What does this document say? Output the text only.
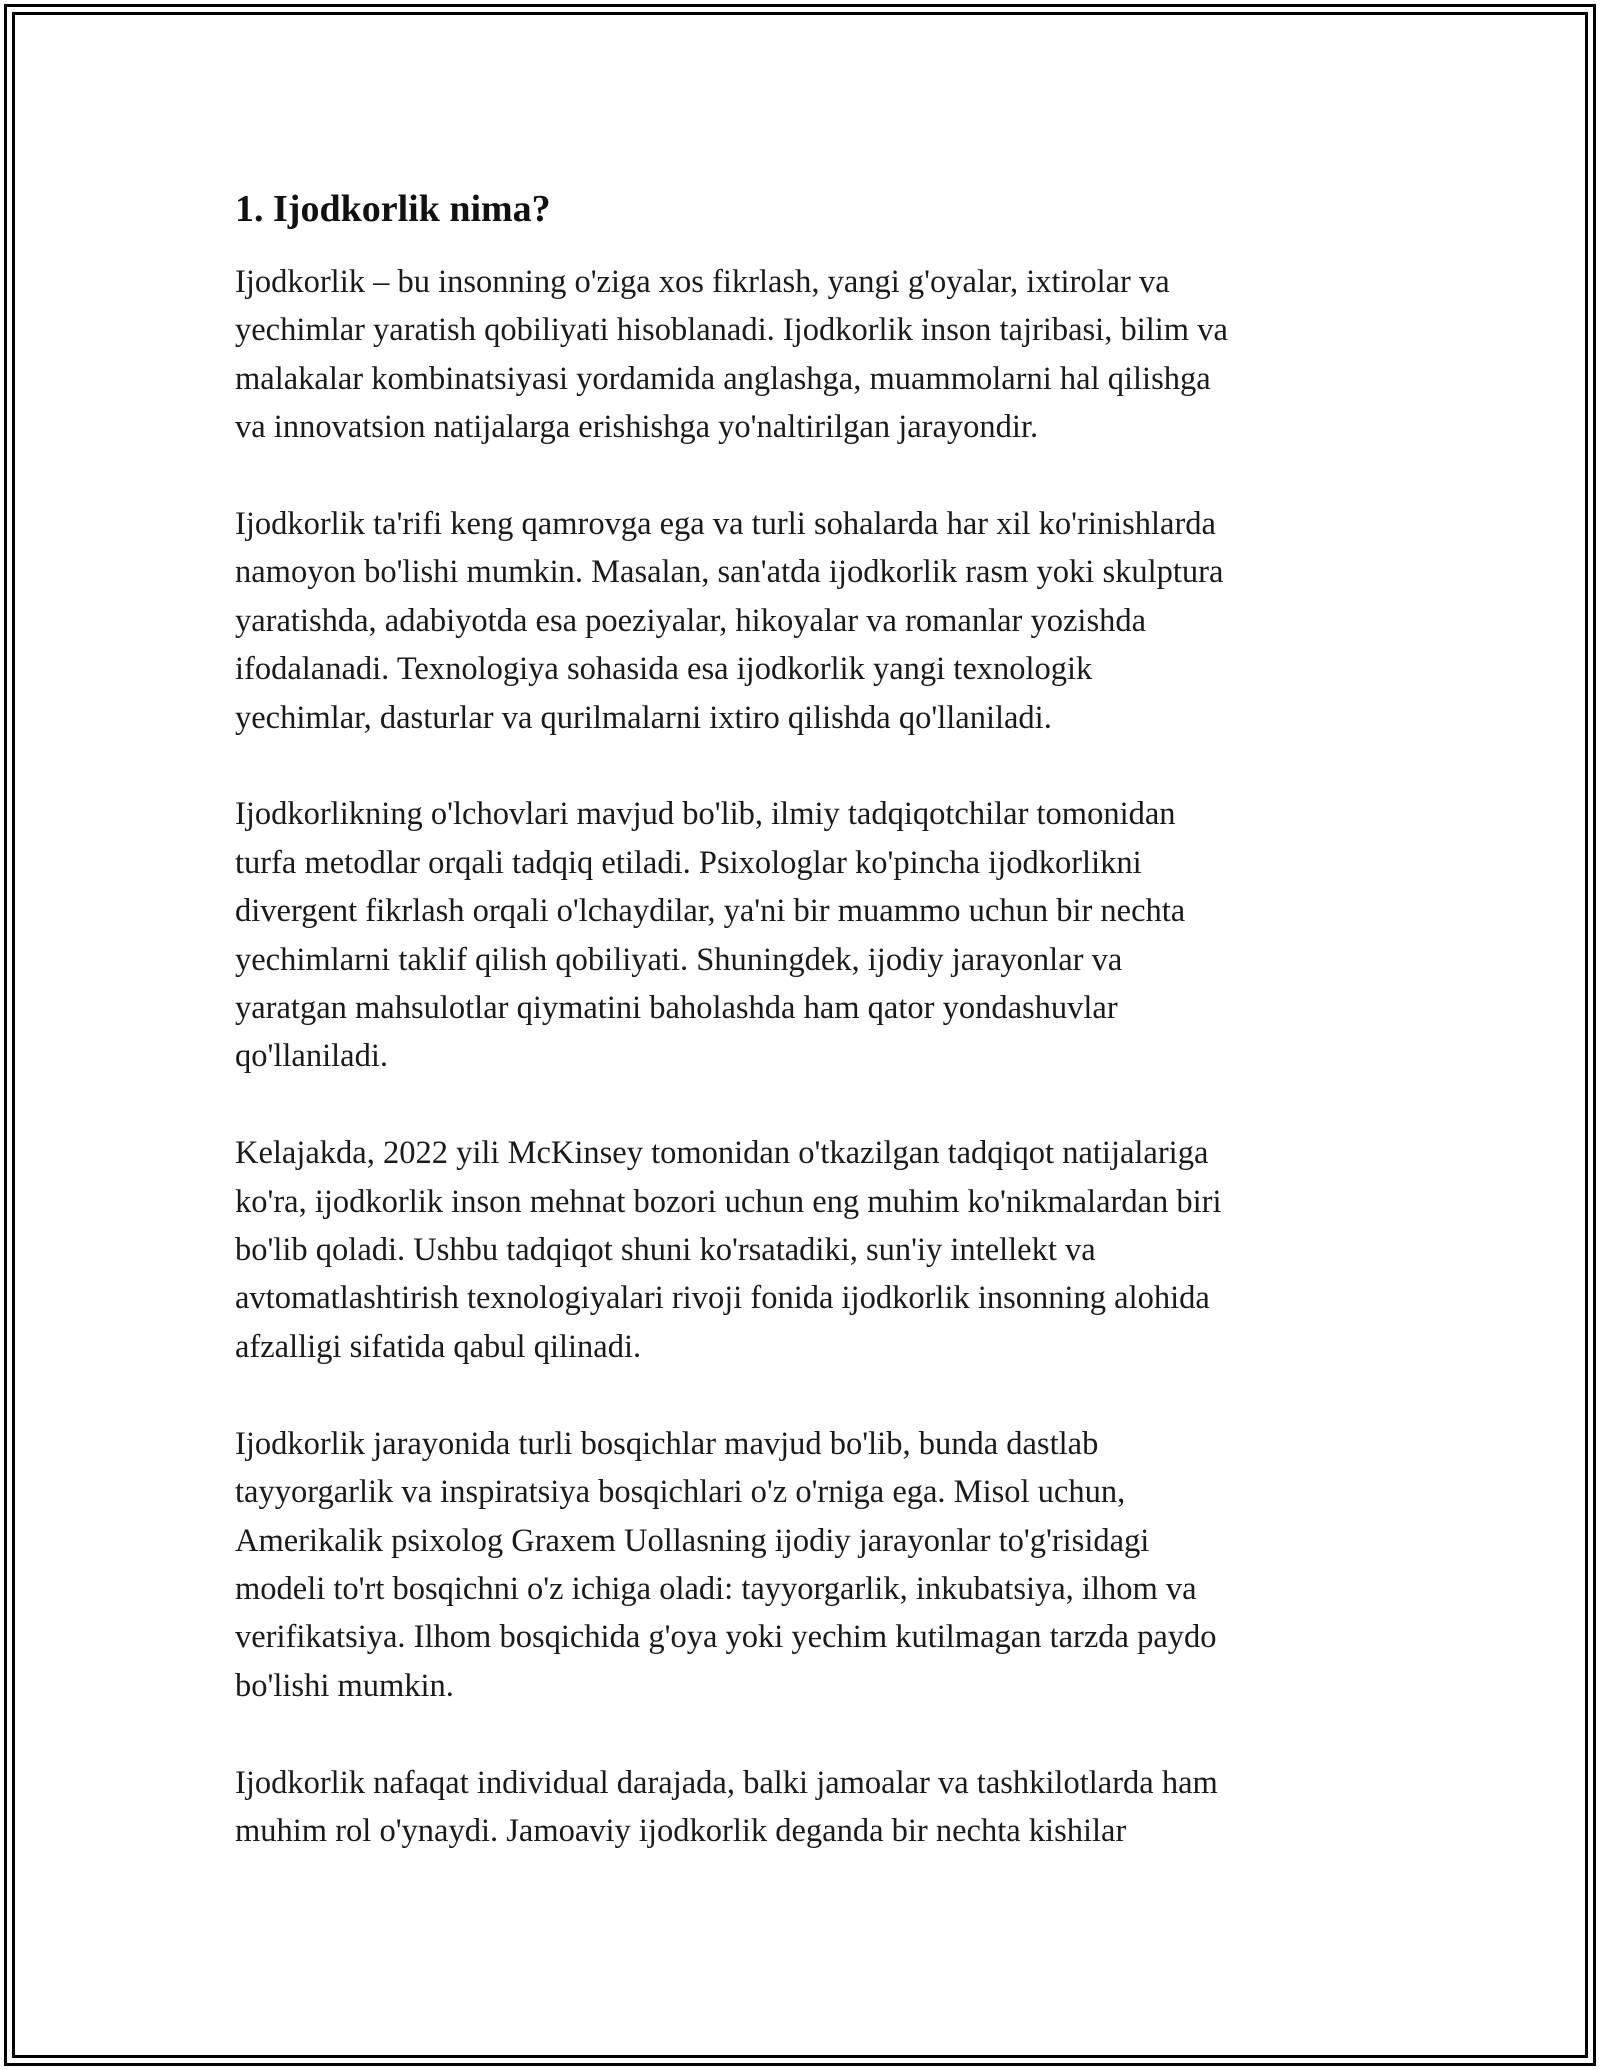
1. Ijodkorlik nima?

Ijodkorlik – bu insonning o'ziga xos fikrlash, yangi g'oyalar, ixtirolar va
yechimlar yaratish qobiliyati hisoblanadi. Ijodkorlik inson tajribasi, bilim va
malakalar kombinatsiyasi yordamida anglashga, muammolarni hal qilishga
va innovatsion natijalarga erishishga yo'naltirilgan jarayondir.

Ijodkorlik ta'rifi keng qamrovga ega va turli sohalarda har xil ko'rinishlarda
namoyon bo'lishi mumkin. Masalan, san'atda ijodkorlik rasm yoki skulptura
yaratishda, adabiyotda esa poeziyalar, hikoyalar va romanlar yozishda
ifodalanadi. Texnologiya sohasida esa ijodkorlik yangi texnologik
yechimlar, dasturlar va qurilmalarni ixtiro qilishda qo'llaniladi.

Ijodkorlikning o'lchovlari mavjud bo'lib, ilmiy tadqiqotchilar tomonidan
turfa metodlar orqali tadqiq etiladi. Psixologlar ko'pincha ijodkorlikni
divergent fikrlash orqali o'lchaydilar, ya'ni bir muammo uchun bir nechta
yechimlarni taklif qilish qobiliyati. Shuningdek, ijodiy jarayonlar va
yaratgan mahsulotlar qiymatini baholashda ham qator yondashuvlar
qo'llaniladi.

Kelajakda, 2022 yili McKinsey tomonidan o'tkazilgan tadqiqot natijalariga
ko'ra, ijodkorlik inson mehnat bozori uchun eng muhim ko'nikmalardan biri
bo'lib qoladi. Ushbu tadqiqot shuni ko'rsatadiki, sun'iy intellekt va
avtomatlashtirish texnologiyalari rivoji fonida ijodkorlik insonning alohida
afzalligi sifatida qabul qilinadi.

Ijodkorlik jarayonida turli bosqichlar mavjud bo'lib, bunda dastlab
tayyorgarlik va inspiratsiya bosqichlari o'z o'rniga ega. Misol uchun,
Amerikalik psixolog Graxem Uollasning ijodiy jarayonlar to'g'risidagi
modeli to'rt bosqichni o'z ichiga oladi: tayyorgarlik, inkubatsiya, ilhom va
verifikatsiya. Ilhom bosqichida g'oya yoki yechim kutilmagan tarzda paydo
bo'lishi mumkin.

Ijodkorlik nafaqat individual darajada, balki jamoalar va tashkilotlarda ham
muhim rol o'ynaydi. Jamoaviy ijodkorlik deganda bir nechta kishilar
